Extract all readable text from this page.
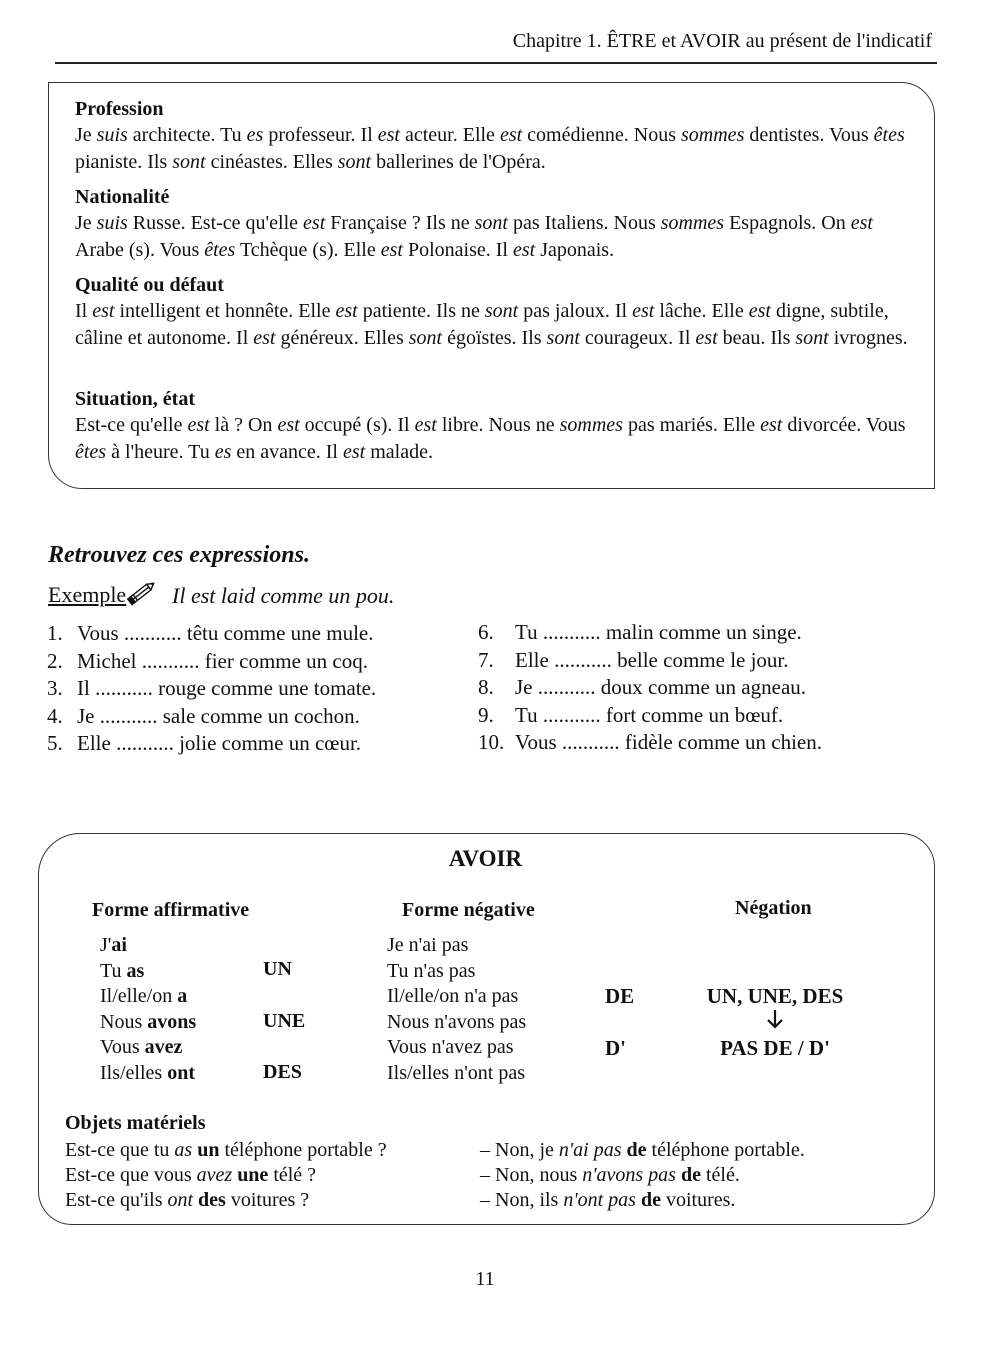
Chapitre 1. ÊTRE et AVOIR au présent de l'indicatif
Profession
Je suis architecte. Tu es professeur. Il est acteur. Elle est comédienne. Nous sommes dentistes. Vous êtes pianiste. Ils sont cinéastes. Elles sont ballerines de l'Opéra.
Nationalité
Je suis Russe. Est-ce qu'elle est Française ? Ils ne sont pas Italiens. Nous sommes Espagnols. On est Arabe (s). Vous êtes Tchèque (s). Elle est Polonaise. Il est Japonais.
Qualité ou défaut
Il est intelligent et honnête. Elle est patiente. Ils ne sont pas jaloux. Il est lâche. Elle est digne, subtile, câline et autonome. Il est généreux. Elles sont égoïstes. Ils sont courageux. Il est beau. Ils sont ivrognes.
Situation, état
Est-ce qu'elle est là ? On est occupé (s). Il est libre. Nous ne sommes pas mariés. Elle est divorcée. Vous êtes à l'heure. Tu es en avance. Il est malade.
Retrouvez ces expressions.
Exemple Il est laid comme un pou.
1. Vous ........... têtu comme une mule.
2. Michel ........... fier comme un coq.
3. Il ........... rouge comme une tomate.
4. Je ........... sale comme un cochon.
5. Elle ........... jolie comme un cœur.
6. Tu ........... malin comme un singe.
7. Elle ........... belle comme le jour.
8. Je ........... doux comme un agneau.
9. Tu ........... fort comme un bœuf.
10. Vous ........... fidèle comme un chien.
AVOIR
Forme affirmative	Forme négative	Négation
J'ai
Tu as
Il/elle/on a
Nous avons
Vous avez
Ils/elles ont
UN
UNE
DES
Je n'ai pas
Tu n'as pas
Il/elle/on n'a pas
Nous n'avons pas
Vous n'avez pas
Ils/elles n'ont pas
DE
D'
UN, UNE, DES
PAS DE / D'
Objets matériels
Est-ce que tu as un téléphone portable ?
Est-ce que vous avez une télé ?
Est-ce qu'ils ont des voitures ?
– Non, je n'ai pas de téléphone portable.
– Non, nous n'avons pas de télé.
– Non, ils n'ont pas de voitures.
11
